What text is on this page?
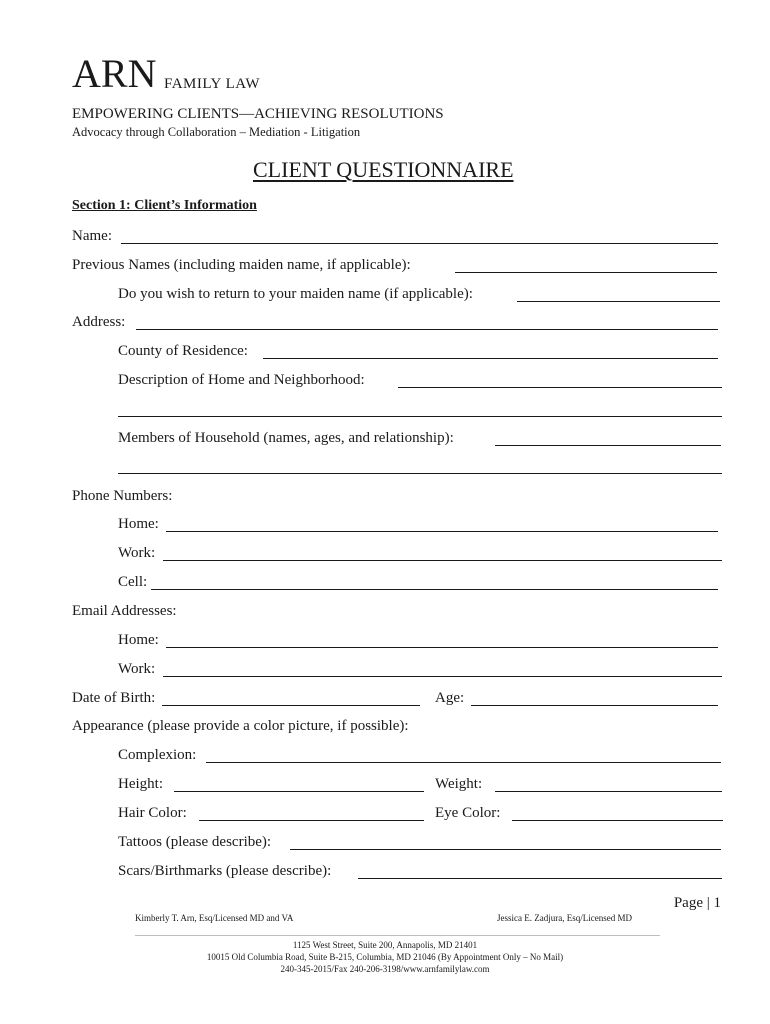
ARN FAMILY LAW
EMPOWERING CLIENTS—ACHIEVING RESOLUTIONS
Advocacy through Collaboration – Mediation - Litigation
CLIENT QUESTIONNAIRE
Section 1: Client’s Information
Name:
Previous Names (including maiden name, if applicable):
Do you wish to return to your maiden name (if applicable):
Address:
County of Residence:
Description of Home and Neighborhood:
Members of Household (names, ages, and relationship):
Phone Numbers:
Home:
Work:
Cell:
Email Addresses:
Home:
Work:
Date of Birth:	Age:
Appearance (please provide a color picture, if possible):
Complexion:
Height:	Weight:
Hair Color:	Eye Color:
Tattoos (please describe):
Scars/Birthmarks (please describe):
Page | 1
Kimberly T. Arn, Esq/Licensed MD and VA	Jessica E. Zadjura, Esq/Licensed MD
1125 West Street, Suite 200, Annapolis, MD 21401
10015 Old Columbia Road, Suite B-215, Columbia, MD 21046 (By Appointment Only – No Mail)
240-345-2015/Fax 240-206-3198/www.arnfamilylaw.com
